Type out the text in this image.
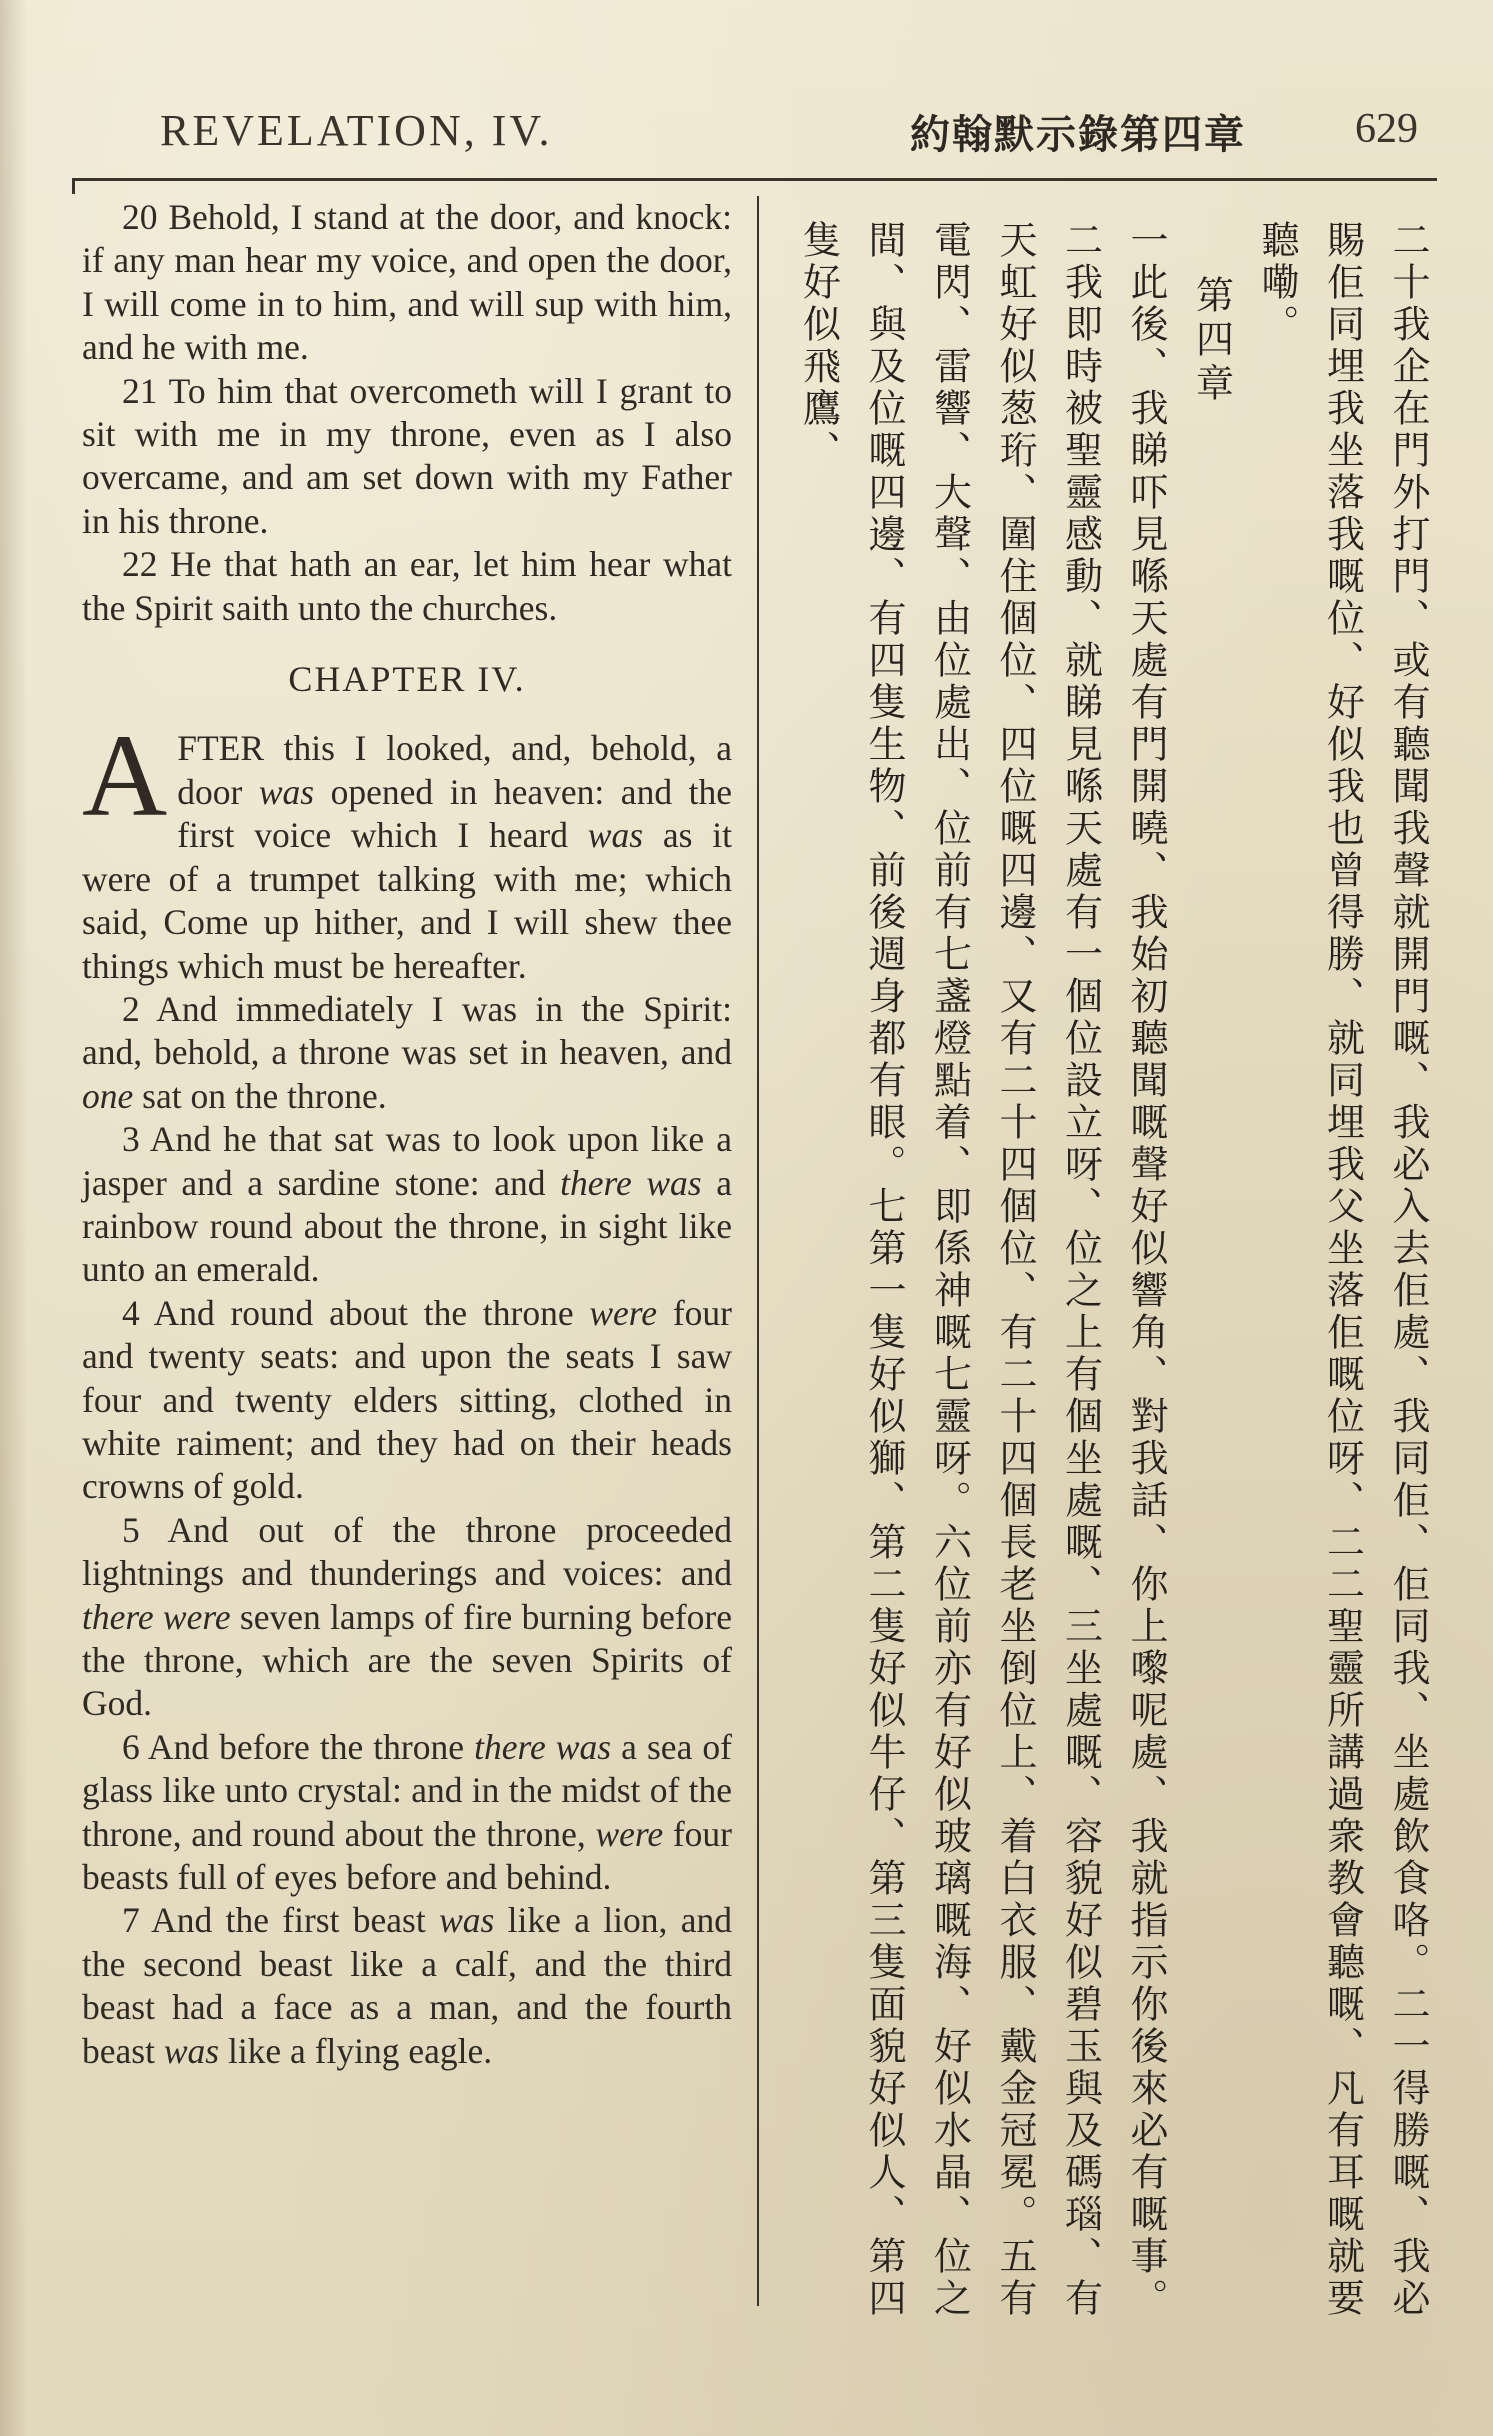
REVELATION, IV.	約翰默示錄第四章	629

20 Behold, I stand at the door, and knock: if any man hear my voice, and open the door, I will come in to him, and will sup with him, and he with me.

21 To him that overcometh will I grant to sit with me in my throne, even as I also overcame, and am set down with my Father in his throne.

22 He that hath an ear, let him hear what the Spirit saith unto the churches.

CHAPTER IV.

AFTER this I looked, and, behold, a door was opened in heaven: and the first voice which I heard was as it were of a trumpet talking with me; which said, Come up hither, and I will shew thee things which must be hereafter.

2 And immediately I was in the Spirit: and, behold, a throne was set in heaven, and one sat on the throne.

3 And he that sat was to look upon like a jasper and a sardine stone: and there was a rainbow round about the throne, in sight like unto an emerald.

4 And round about the throne were four and twenty seats: and upon the seats I saw four and twenty elders sitting, clothed in white raiment; and they had on their heads crowns of gold.

5 And out of the throne proceeded lightnings and thunderings and voices: and there were seven lamps of fire burning before the throne, which are the seven Spirits of God.

6 And before the throne there was a sea of glass like unto crystal: and in the midst of the throne, and round about the throne, were four beasts full of eyes before and behind.

7 And the first beast was like a lion, and the second beast like a calf, and the third beast had a face as a man, and the fourth beast was like a flying eagle.	二十我企在門外打門、或有聽聞我聲就開門嘅、我必入去佢處、我同佢、佢同我、坐處飲食咯。二一得勝嘅、我必賜佢同埋我坐落我嘅位、好似我也曾得勝、就同埋我父坐落佢嘅位呀、二二聖靈所講過衆教會聽嘅、凡有耳嘅就要聽嘞。

第四章

一此後、我睇吓見喺天處有門開曉、我始初聽聞嘅聲好似響角、對我話、你上嚟呢處、我就指示你後來必有嘅事。二我即時被聖靈感動、就睇見喺天處有一個位設立呀、位之上有個坐處嘅、三坐處嘅、容貌好似碧玉與及碼瑙、有天虹好似葱珩、圍住個位、四位嘅四邊、又有二十四個位、有二十四個長老坐倒位上、着白衣服、戴金冠冕。五有電閃、雷響、大聲、由位處出、位前有七盞燈點着、即係神嘅七靈呀。六位前亦有好似玻璃嘅海、好似水晶、位之間、與及位嘅四邊、有四隻生物、前後週身都有眼。七第一隻好似獅、第二隻好似牛仔、第三隻面貌好似人、第四隻好似飛鷹、
